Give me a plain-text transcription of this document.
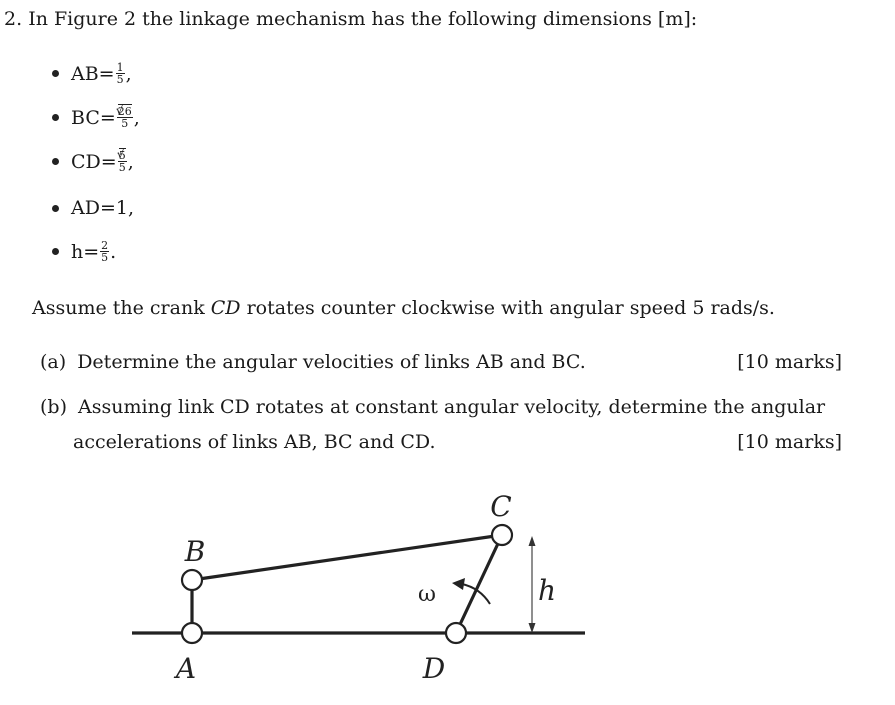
2. In Figure 2 the linkage mechanism has the following dimensions [m]:
$AB= \frac{1}{5}$ ,
BC= √ $\frac{26}{5}$ ,
CD= √ $\frac{5}{5}$ ,
AD=1,
$h= \frac{2}{5}$ .
Assume the crank CD rotates counter clockwise with angular speed 5 rads/s.
(a) Determine the angular velocities of links AB and BC.	[10 marks]
(b) Assuming link CD rotates at constant angular velocity, determine the angular
accelerations of links AB, BC and CD.	[10 marks]
A
B
C
D
h
ω
